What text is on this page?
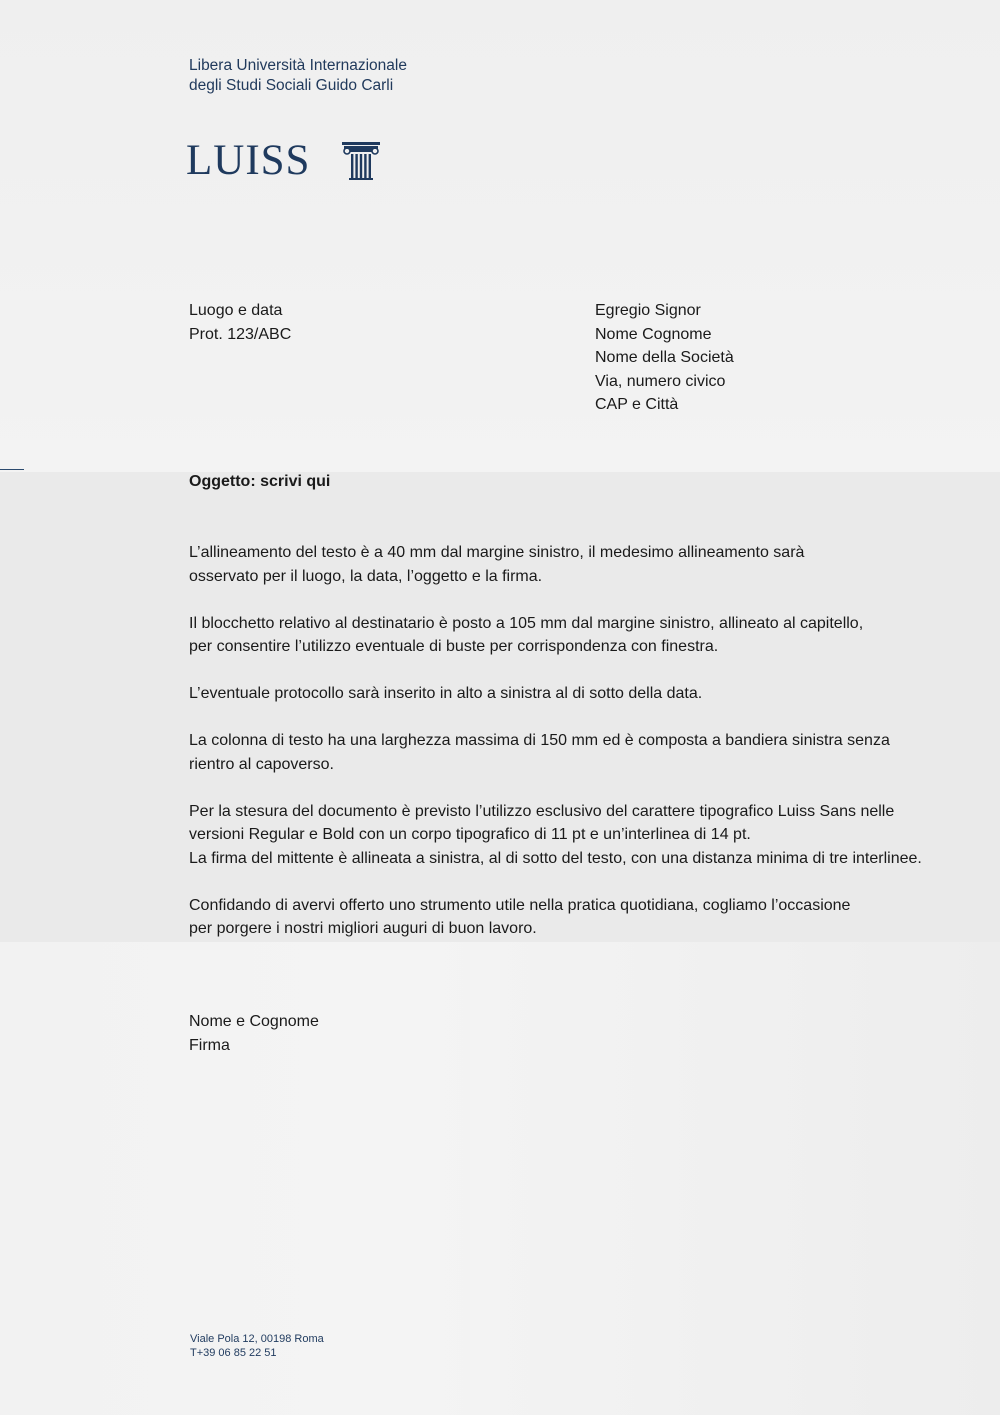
Libera Università Internazionale
degli Studi Sociali Guido Carli
LUISS
Luogo e data
Prot. 123/ABC
Egregio Signor
Nome Cognome
Nome della Società
Via, numero civico
CAP e Città
Oggetto: scrivi qui
L’allineamento del testo è a 40 mm dal margine sinistro, il medesimo allineamento sarà
osservato per il luogo, la data, l’oggetto e la firma.
Il blocchetto relativo al destinatario è posto a 105 mm dal margine sinistro, allineato al capitello,
per consentire l’utilizzo eventuale di buste per corrispondenza con finestra.
L’eventuale protocollo sarà inserito in alto a sinistra al di sotto della data.
La colonna di testo ha una larghezza massima di 150 mm ed è composta a bandiera sinistra senza
rientro al capoverso.
Per la stesura del documento è previsto l’utilizzo esclusivo del carattere tipografico Luiss Sans nelle
versioni Regular e Bold con un corpo tipografico di 11 pt e un’interlinea di 14 pt.
La firma del mittente è allineata a sinistra, al di sotto del testo, con una distanza minima di tre interlinee.
Confidando di avervi offerto uno strumento utile nella pratica quotidiana, cogliamo l’occasione
per porgere i nostri migliori auguri di buon lavoro.
Nome e Cognome
Firma
Viale Pola 12, 00198 Roma
T+39 06 85 22 51
